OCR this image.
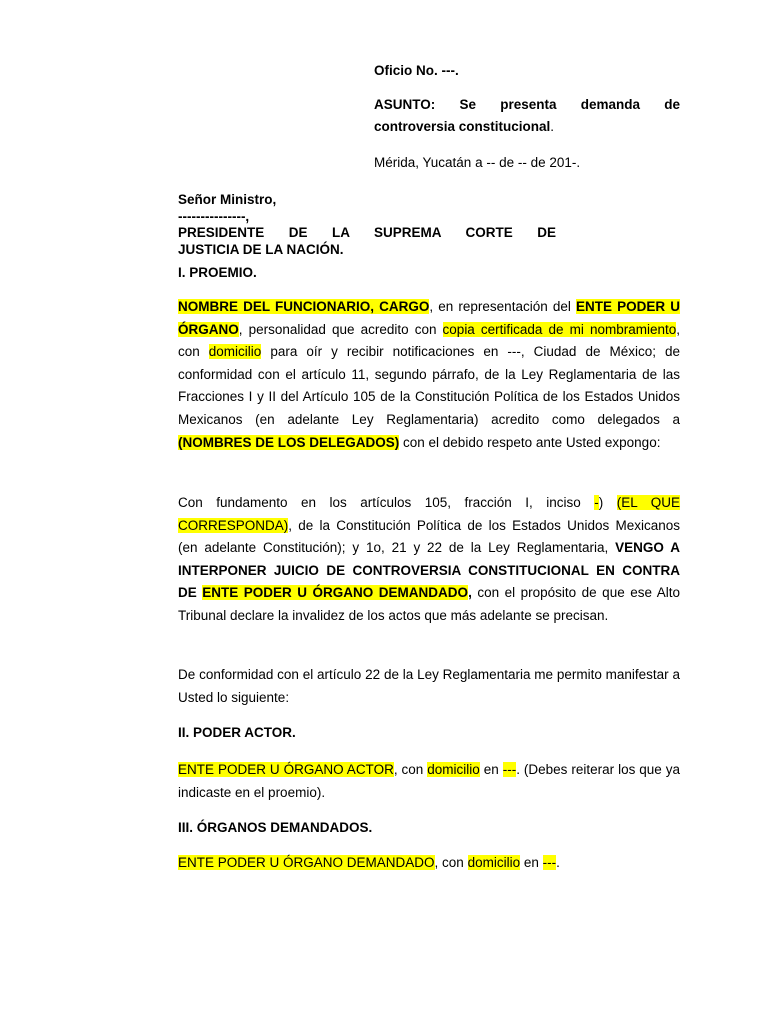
Oficio No. ---.

ASUNTO: Se presenta demanda de controversia constitucional.

Mérida, Yucatán a -- de -- de 201-.

Señor Ministro,
---------------,
PRESIDENTE DE LA SUPREMA CORTE DE
JUSTICIA DE LA NACIÓN.
I. PROEMIO.

NOMBRE DEL FUNCIONARIO, CARGO, en representación del ENTE PODER U ÓRGANO, personalidad que acredito con copia certificada de mi nombramiento, con domicilio para oír y recibir notificaciones en ---, Ciudad de México; de conformidad con el artículo 11, segundo párrafo, de la Ley Reglamentaria de las Fracciones I y II del Artículo 105 de la Constitución Política de los Estados Unidos Mexicanos (en adelante Ley Reglamentaria) acredito como delegados a (NOMBRES DE LOS DELEGADOS) con el debido respeto ante Usted expongo:

Con fundamento en los artículos 105, fracción I, inciso -) (EL QUE CORRESPONDA), de la Constitución Política de los Estados Unidos Mexicanos (en adelante Constitución); y 1o, 21 y 22 de la Ley Reglamentaria, VENGO A INTERPONER JUICIO DE CONTROVERSIA CONSTITUCIONAL EN CONTRA DE ENTE PODER U ÓRGANO DEMANDADO, con el propósito de que ese Alto Tribunal declare la invalidez de los actos que más adelante se precisan.

De conformidad con el artículo 22 de la Ley Reglamentaria me permito manifestar a Usted lo siguiente:

II. PODER ACTOR.

ENTE PODER U ÓRGANO ACTOR, con domicilio en ---. (Debes reiterar los que ya indicaste en el proemio).

III. ÓRGANOS DEMANDADOS.

ENTE PODER U ÓRGANO DEMANDADO, con domicilio en ---.
